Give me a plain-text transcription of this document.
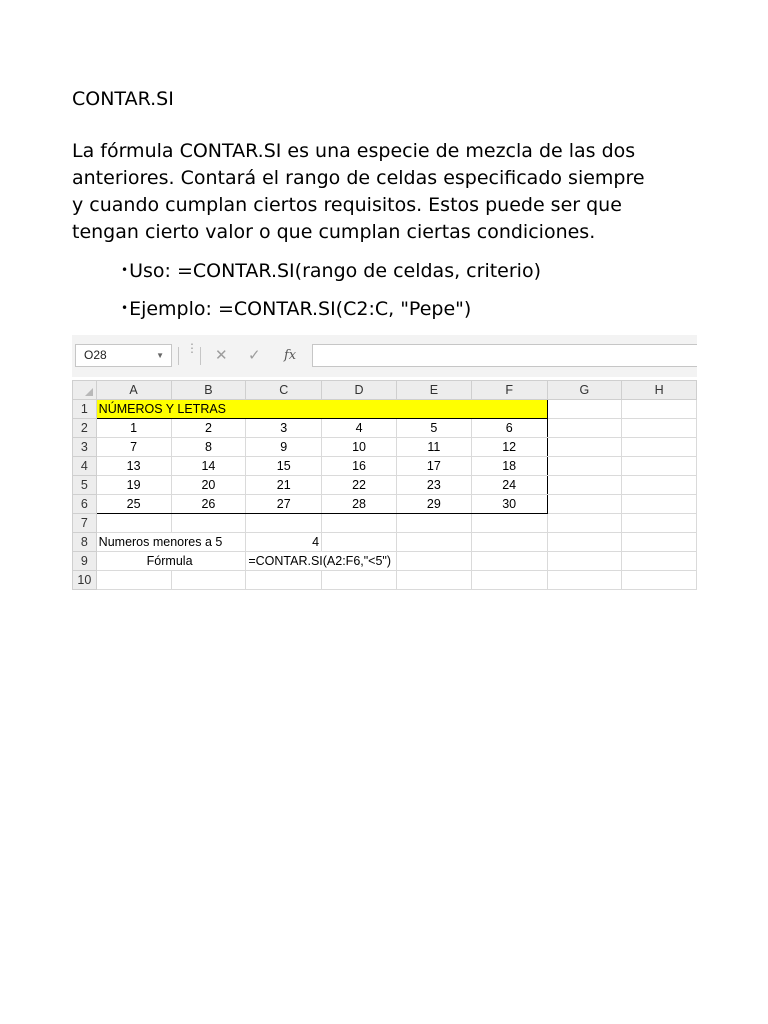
CONTAR.SI

La fórmula CONTAR.SI es una especie de mezcla de las dos
anteriores. Contará el rango de celdas especificado siempre
y cuando cumplan ciertos requisitos. Estos puede ser que
tengan cierto valor o que cumplan ciertas condiciones.

•Uso: =CONTAR.SI(rango de celdas, criterio)
•Ejemplo: =CONTAR.SI(C2:C, "Pepe")
O28	▼
⋮ ✕ ✓ fx
	A	B	C	D	E	F	G	H
1	NÚMEROS Y LETRAS							

2	1	2	3	4	5	6		
3	7	8	9	10	11	12		
4	13	14	15	16	17	18		
5	19	20	21	22	23	24		
6	25	26	27	28	29	30		
7								
8	Numeros menores a 5		4					
9	Fórmula		=CONTAR.SI(A2:F6,"<5")					

10								
